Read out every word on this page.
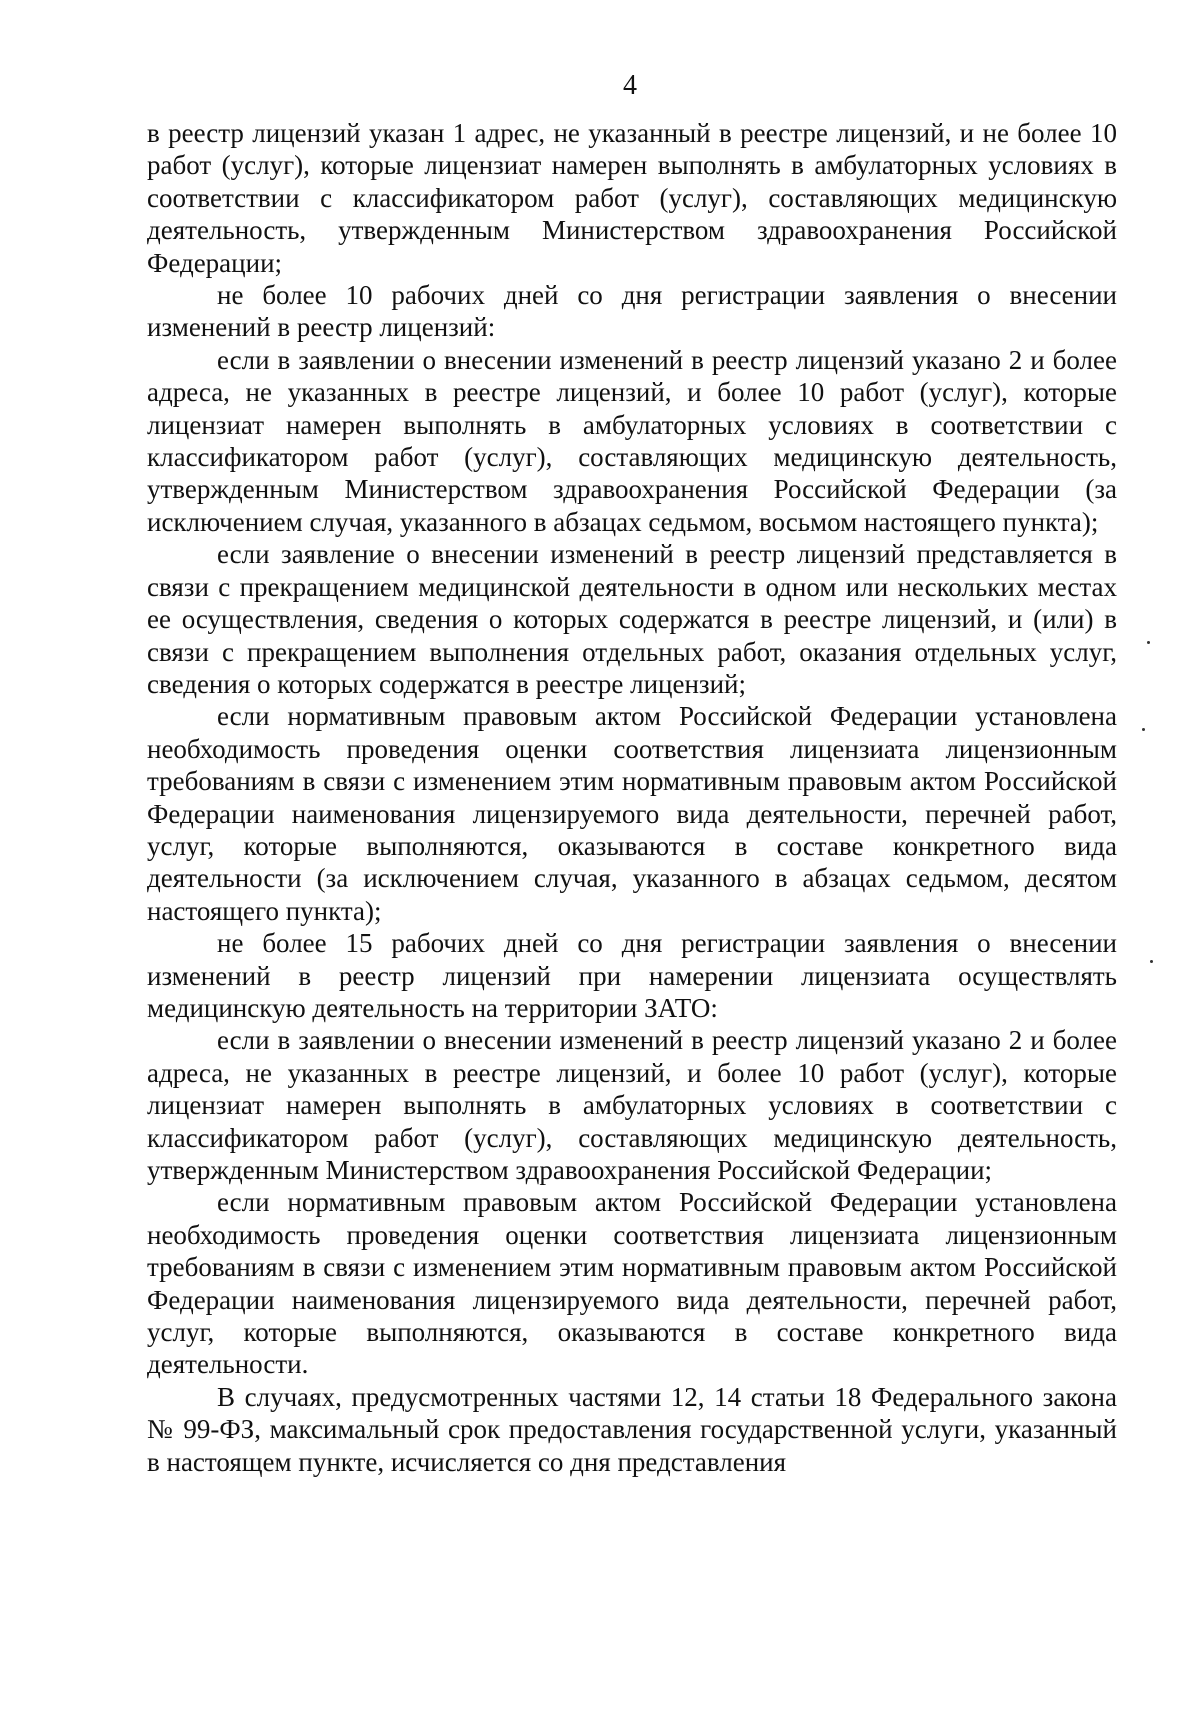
4

в реестр лицензий указан 1 адрес, не указанный в реестре лицензий, и не более 10 работ (услуг), которые лицензиат намерен выполнять в амбулаторных условиях в соответствии с классификатором работ (услуг), составляющих медицинскую деятельность, утвержденным Министерством здравоохранения Российской Федерации;

не более 10 рабочих дней со дня регистрации заявления о внесении изменений в реестр лицензий:

если в заявлении о внесении изменений в реестр лицензий указано 2 и более адреса, не указанных в реестре лицензий, и более 10 работ (услуг), которые лицензиат намерен выполнять в амбулаторных условиях в соответствии с классификатором работ (услуг), составляющих медицинскую деятельность, утвержденным Министерством здравоохранения Российской Федерации (за исключением случая, указанного в абзацах седьмом, восьмом настоящего пункта);

если заявление о внесении изменений в реестр лицензий представляется в связи с прекращением медицинской деятельности в одном или нескольких местах ее осуществления, сведения о которых содержатся в реестре лицензий, и (или) в связи с прекращением выполнения отдельных работ, оказания отдельных услуг, сведения о которых содержатся в реестре лицензий;

если нормативным правовым актом Российской Федерации установлена необходимость проведения оценки соответствия лицензиата лицензионным требованиям в связи с изменением этим нормативным правовым актом Российской Федерации наименования лицензируемого вида деятельности, перечней работ, услуг, которые выполняются, оказываются в составе конкретного вида деятельности (за исключением случая, указанного в абзацах седьмом, десятом настоящего пункта);

не более 15 рабочих дней со дня регистрации заявления о внесении изменений в реестр лицензий при намерении лицензиата осуществлять медицинскую деятельность на территории ЗАТО:

если в заявлении о внесении изменений в реестр лицензий указано 2 и более адреса, не указанных в реестре лицензий, и более 10 работ (услуг), которые лицензиат намерен выполнять в амбулаторных условиях в соответствии с классификатором работ (услуг), составляющих медицинскую деятельность, утвержденным Министерством здравоохранения Российской Федерации;

если нормативным правовым актом Российской Федерации установлена необходимость проведения оценки соответствия лицензиата лицензионным требованиям в связи с изменением этим нормативным правовым актом Российской Федерации наименования лицензируемого вида деятельности, перечней работ, услуг, которые выполняются, оказываются в составе конкретного вида деятельности.

В случаях, предусмотренных частями 12, 14 статьи 18 Федерального закона № 99-ФЗ, максимальный срок предоставления государственной услуги, указанный в настоящем пункте, исчисляется со дня представления
